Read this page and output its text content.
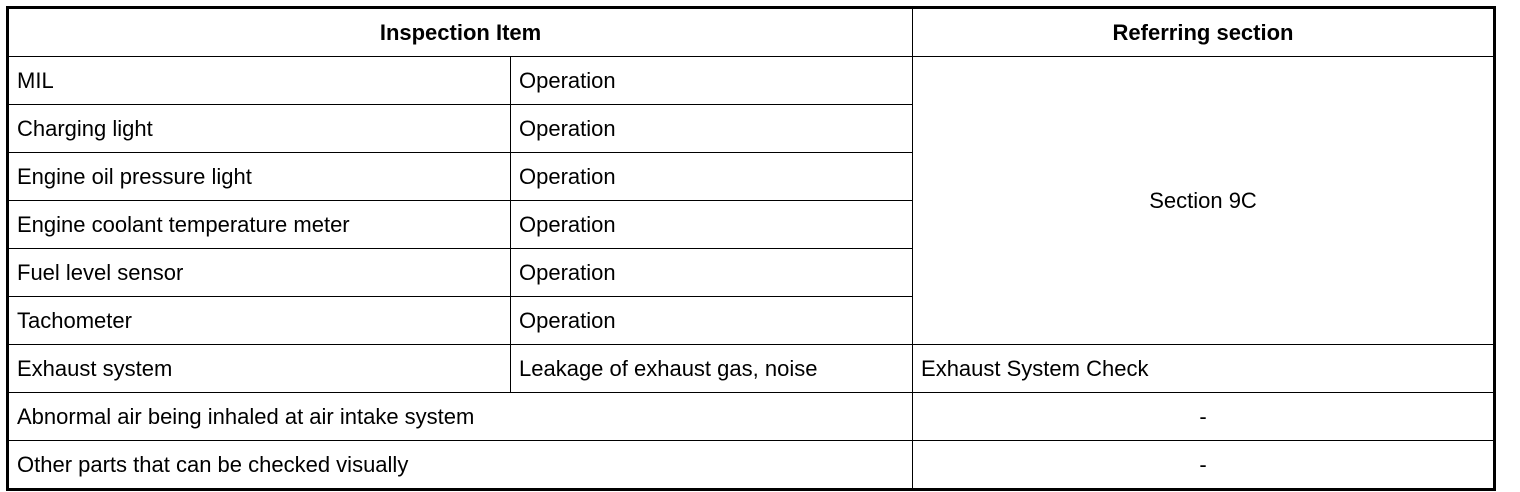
Inspection Item		Referring section
MIL	Operation	Section 9C
Charging light	Operation	
Engine oil pressure light	Operation	
Engine coolant temperature meter	Operation	
Fuel level sensor	Operation	
Tachometer	Operation	
Exhaust system	Leakage of exhaust gas, noise	Exhaust System Check
Abnormal air being inhaled at air intake system		-
Other parts that can be checked visually		-
